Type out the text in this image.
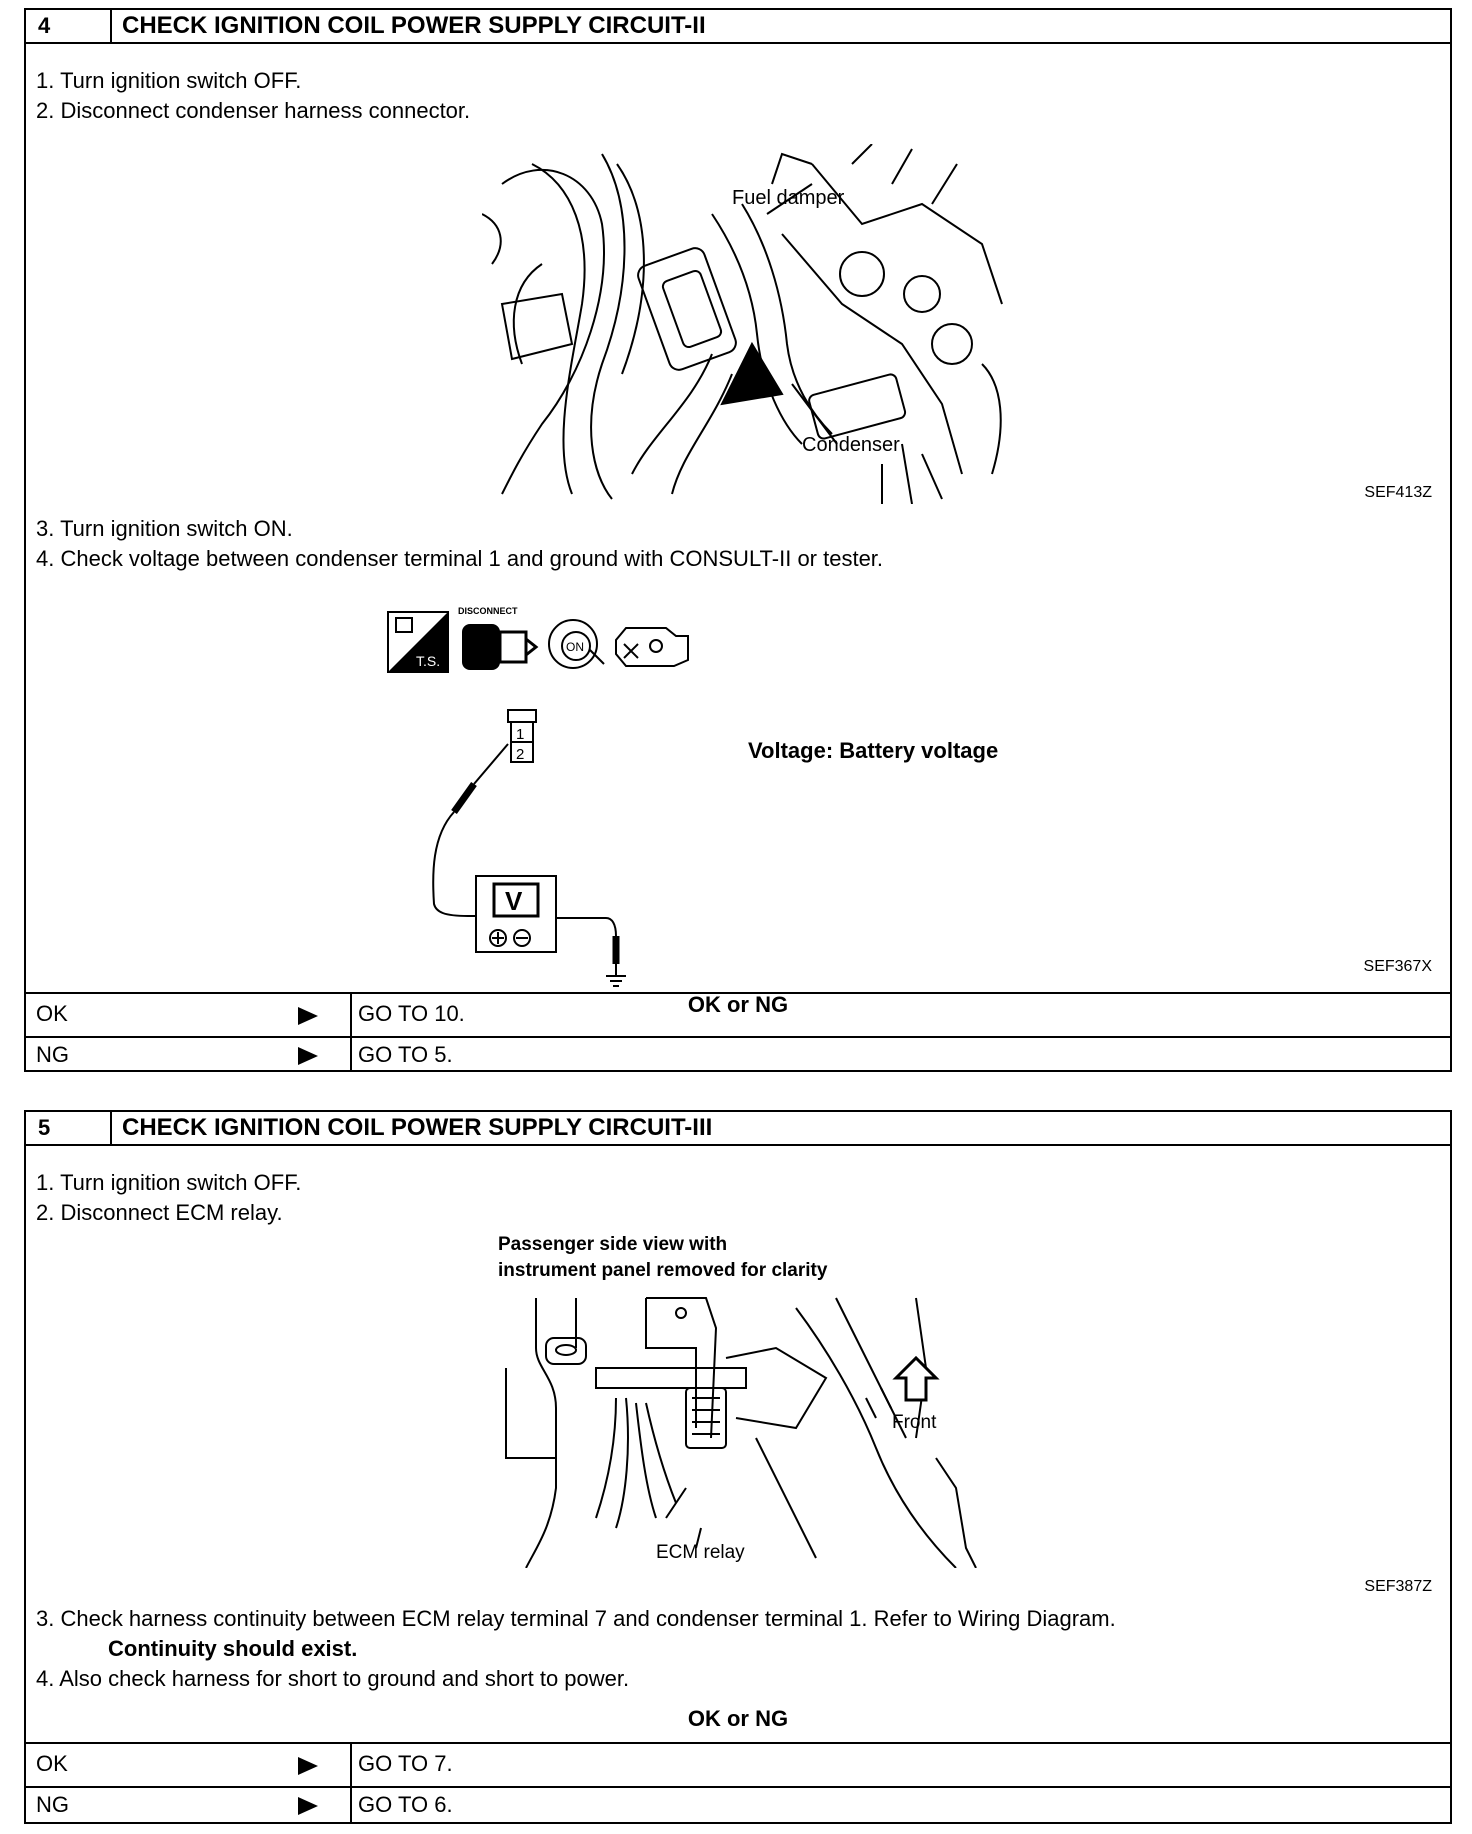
4	CHECK IGNITION COIL POWER SUPPLY CIRCUIT-II
1. Turn ignition switch OFF.
2. Disconnect condenser harness connector.
Fuel damper
Condenser
SEF413Z
3. Turn ignition switch ON.
4. Check voltage between condenser terminal 1 and ground with CONSULT-II or tester.
T.S.
DISCONNECT
ON
1
2
V
Voltage: Battery voltage
SEF367X
OK or NG
OK	GO TO 10.
NG	GO TO 5.
5	CHECK IGNITION COIL POWER SUPPLY CIRCUIT-III
1. Turn ignition switch OFF.
2. Disconnect ECM relay.
Passenger side view with
instrument panel removed for clarity
Front
ECM relay
SEF387Z
3. Check harness continuity between ECM relay terminal 7 and condenser terminal 1. Refer to Wiring Diagram.
Continuity should exist.
4. Also check harness for short to ground and short to power.
OK or NG
OK	GO TO 7.
NG	GO TO 6.
